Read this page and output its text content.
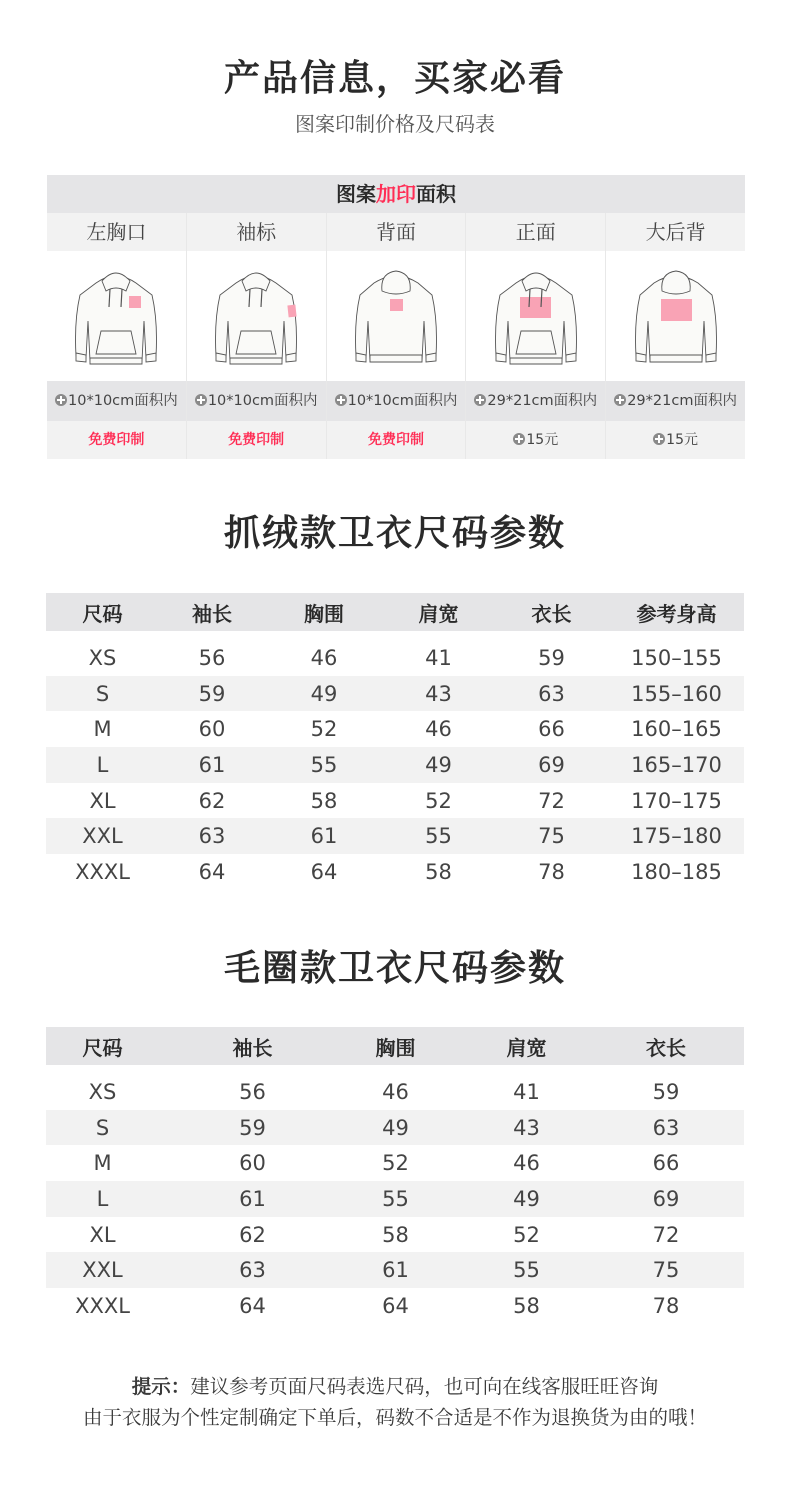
产品信息，买家必看
图案印制价格及尺码表
图案加印面积
左胸口	袖标	背面	正面	大后背
10*10cm面积内	10*10cm面积内	10*10cm面积内	29*21cm面积内	29*21cm面积内
免费印制	免费印制	免费印制	15元	15元
抓绒款卫衣尺码参数
尺码	袖长	胸围	肩宽	衣长	参考身高
XS	56	46	41	59	150–155
S	59	49	43	63	155–160
M	60	52	46	66	160–165
L	61	55	49	69	165–170
XL	62	58	52	72	170–175
XXL	63	61	55	75	175–180
XXXL	64	64	58	78	180–185
毛圈款卫衣尺码参数
尺码	袖长	胸围	肩宽	衣长
XS	56	46	41	59
S	59	49	43	63
M	60	52	46	66
L	61	55	49	69
XL	62	58	52	72
XXL	63	61	55	75
XXXL	64	64	58	78
提示：建议参考页面尺码表选尺码，也可向在线客服旺旺咨询
由于衣服为个性定制确定下单后，码数不合适是不作为退换货为由的哦！
